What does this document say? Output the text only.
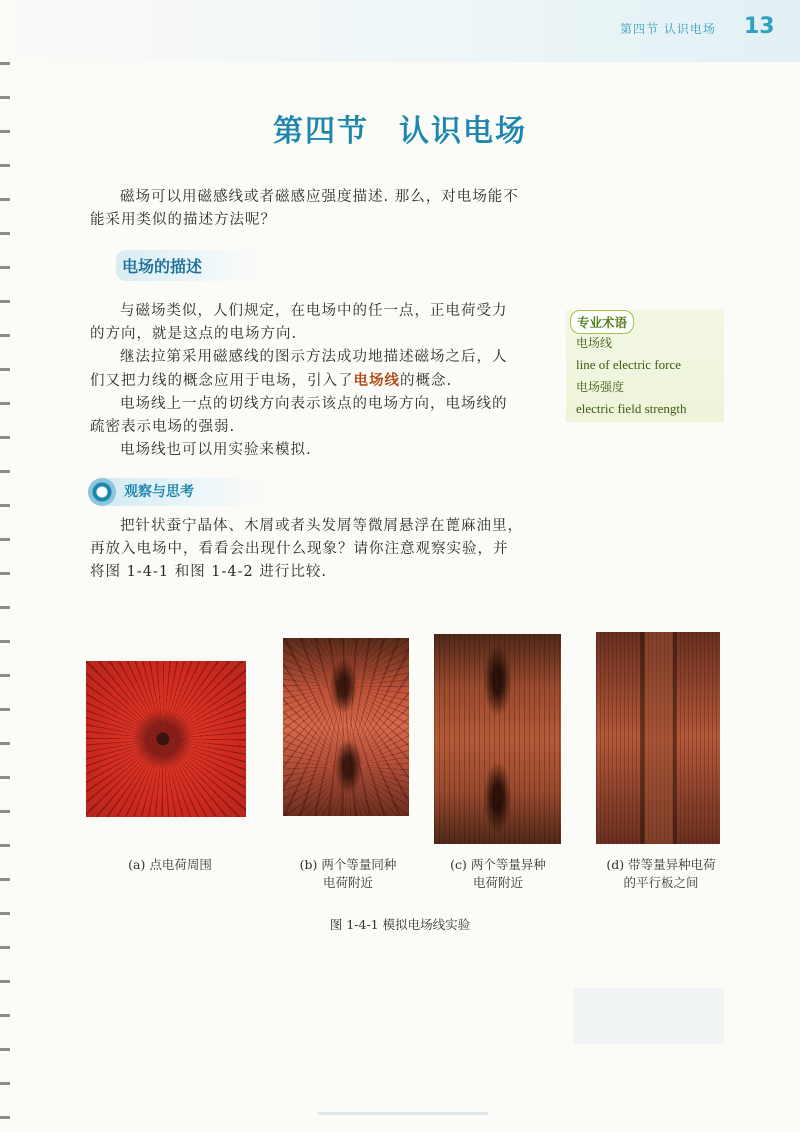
第四节 认识电场 13
第四节 认识电场
磁场可以用磁感线或者磁感应强度描述. 那么，对电场能不
能采用类似的描述方法呢？
电场的描述
与磁场类似，人们规定，在电场中的任一点，正电荷受力
的方向，就是这点的电场方向.
继法拉第采用磁感线的图示方法成功地描述磁场之后，人
们又把力线的概念应用于电场，引入了电场线的概念.
电场线上一点的切线方向表示该点的电场方向，电场线的
疏密表示电场的强弱.
电场线也可以用实验来模拟.
专业术语
电场线
line of electric force
电场强度
electric field strength
观察与思考
把针状蚕宁晶体、木屑或者头发屑等微屑悬浮在蓖麻油里，
再放入电场中，看看会出现什么现象？请你注意观察实验，并
将图 1-4-1 和图 1-4-2 进行比较.
(a) 点电荷周围	(b) 两个等量同种
电荷附近
(c) 两个等量异种
电荷附近
(d) 带等量异种电荷
的平行板之间
图 1-4-1 模拟电场线实验
